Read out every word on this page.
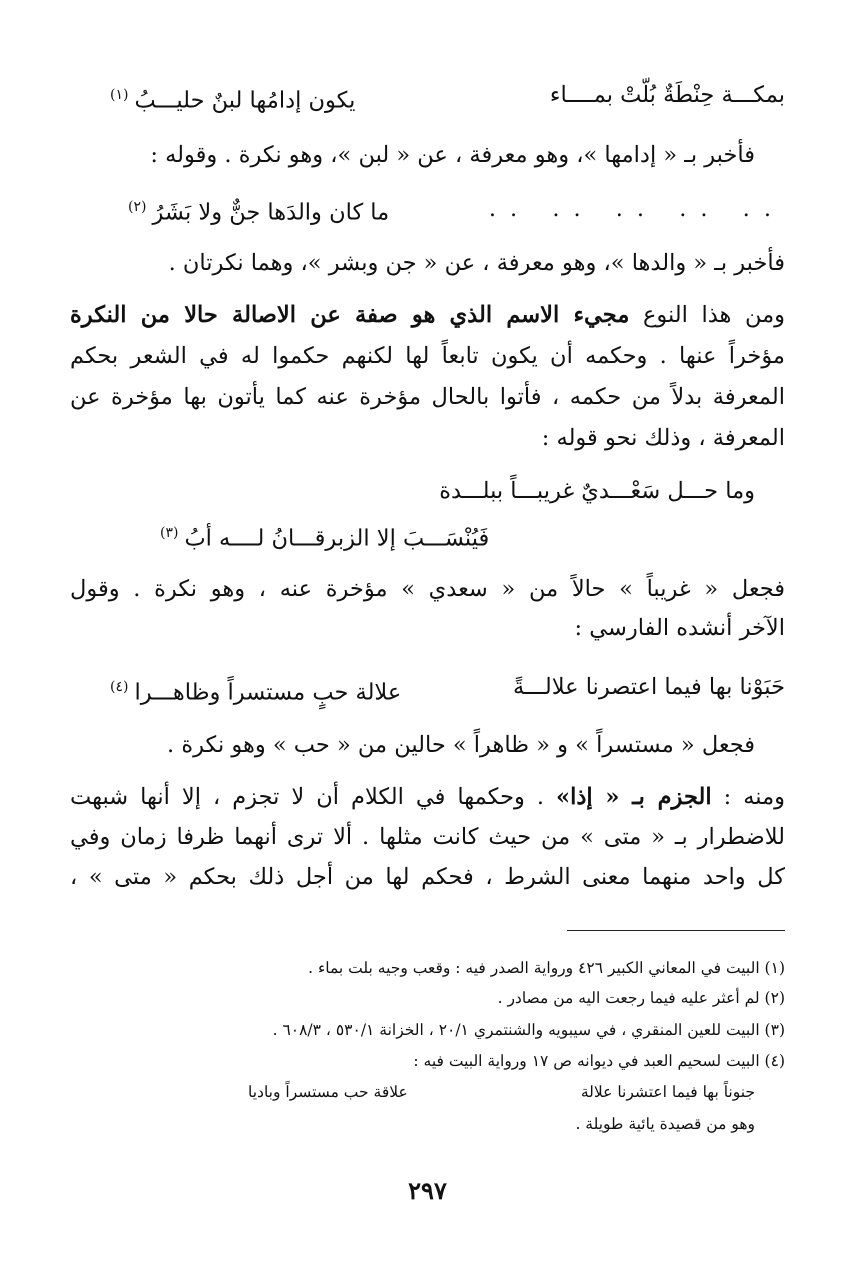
بمكـــة حِنْطَةٌ بُلّتْ بمــــاء
يكون إدامُها لبنٌ حليـــبُ$^{(١)}$
فأخبر بـ « إدامها »، وهو معرفة ، عن « لبن »، وهو نكرة . وقوله :
.. .. .. .. ..
ما كان والدَها جنٌّ ولا بَشَرُ$^{(٢)}$
فأخبر بـ « والدها »، وهو معرفة ، عن « جن وبشر »، وهما نكرتان .
ومن هذا النوع مجيء الاسم الذي هو صفة عن الاصالة حالا من النكرة
مؤخراً عنها . وحكمه أن يكون تابعاً لها لكنهم حكموا له في الشعر بحكم
المعرفة بدلاً من حكمه ، فأتوا بالحال مؤخرة عنه كما يأتون بها مؤخرة عن
المعرفة ، وذلك نحو قوله :
وما حـــل سَعْـــديٌ غريبـــاً ببلـــدة
فَيُنْسَـــبَ إلا الزبرقـــانُ لــــه أبُ$^{(٣)}$
فجعل « غريباً » حالاً من « سعدي » مؤخرة عنه ، وهو نكرة . وقول
الآخر أنشده الفارسي :
حَبَوْنا بها فيما اعتصرنا علالـــةً
علالة حبٍ مستسراً وظاهـــرا$^{(٤)}$
فجعل « مستسراً » و « ظاهراً » حالين من « حب » وهو نكرة .
ومنه : الجزم بـ « إذا» . وحكمها في الكلام أن لا تجزم ، إلا أنها شبهت
للاضطرار بـ « متى » من حيث كانت مثلها . ألا ترى أنهما ظرفا زمان وفي
كل واحد منهما معنى الشرط ، فحكم لها من أجل ذلك بحكم « متى » ،
(١) البيت في المعاني الكبير ٤٢٦ ورواية الصدر فيه : وقعب وجيه بلت بماء .
(٢) لم أعثر عليه فيما رجعت اليه من مصادر .
(٣) البيت للعين المنقري ، في سيبويه والشنتمري ٢٠/١ ، الخزانة ٥٣٠/١ ، ٦٠٨/٣ .
(٤) البيت لسحيم العبد في ديوانه ص ١٧ ورواية البيت فيه :
جنوناً بها فيما اعتشرنا علالة
علاقة حب مستسراً وباديا
وهو من قصيدة يائية طويلة .
٢٩٧
